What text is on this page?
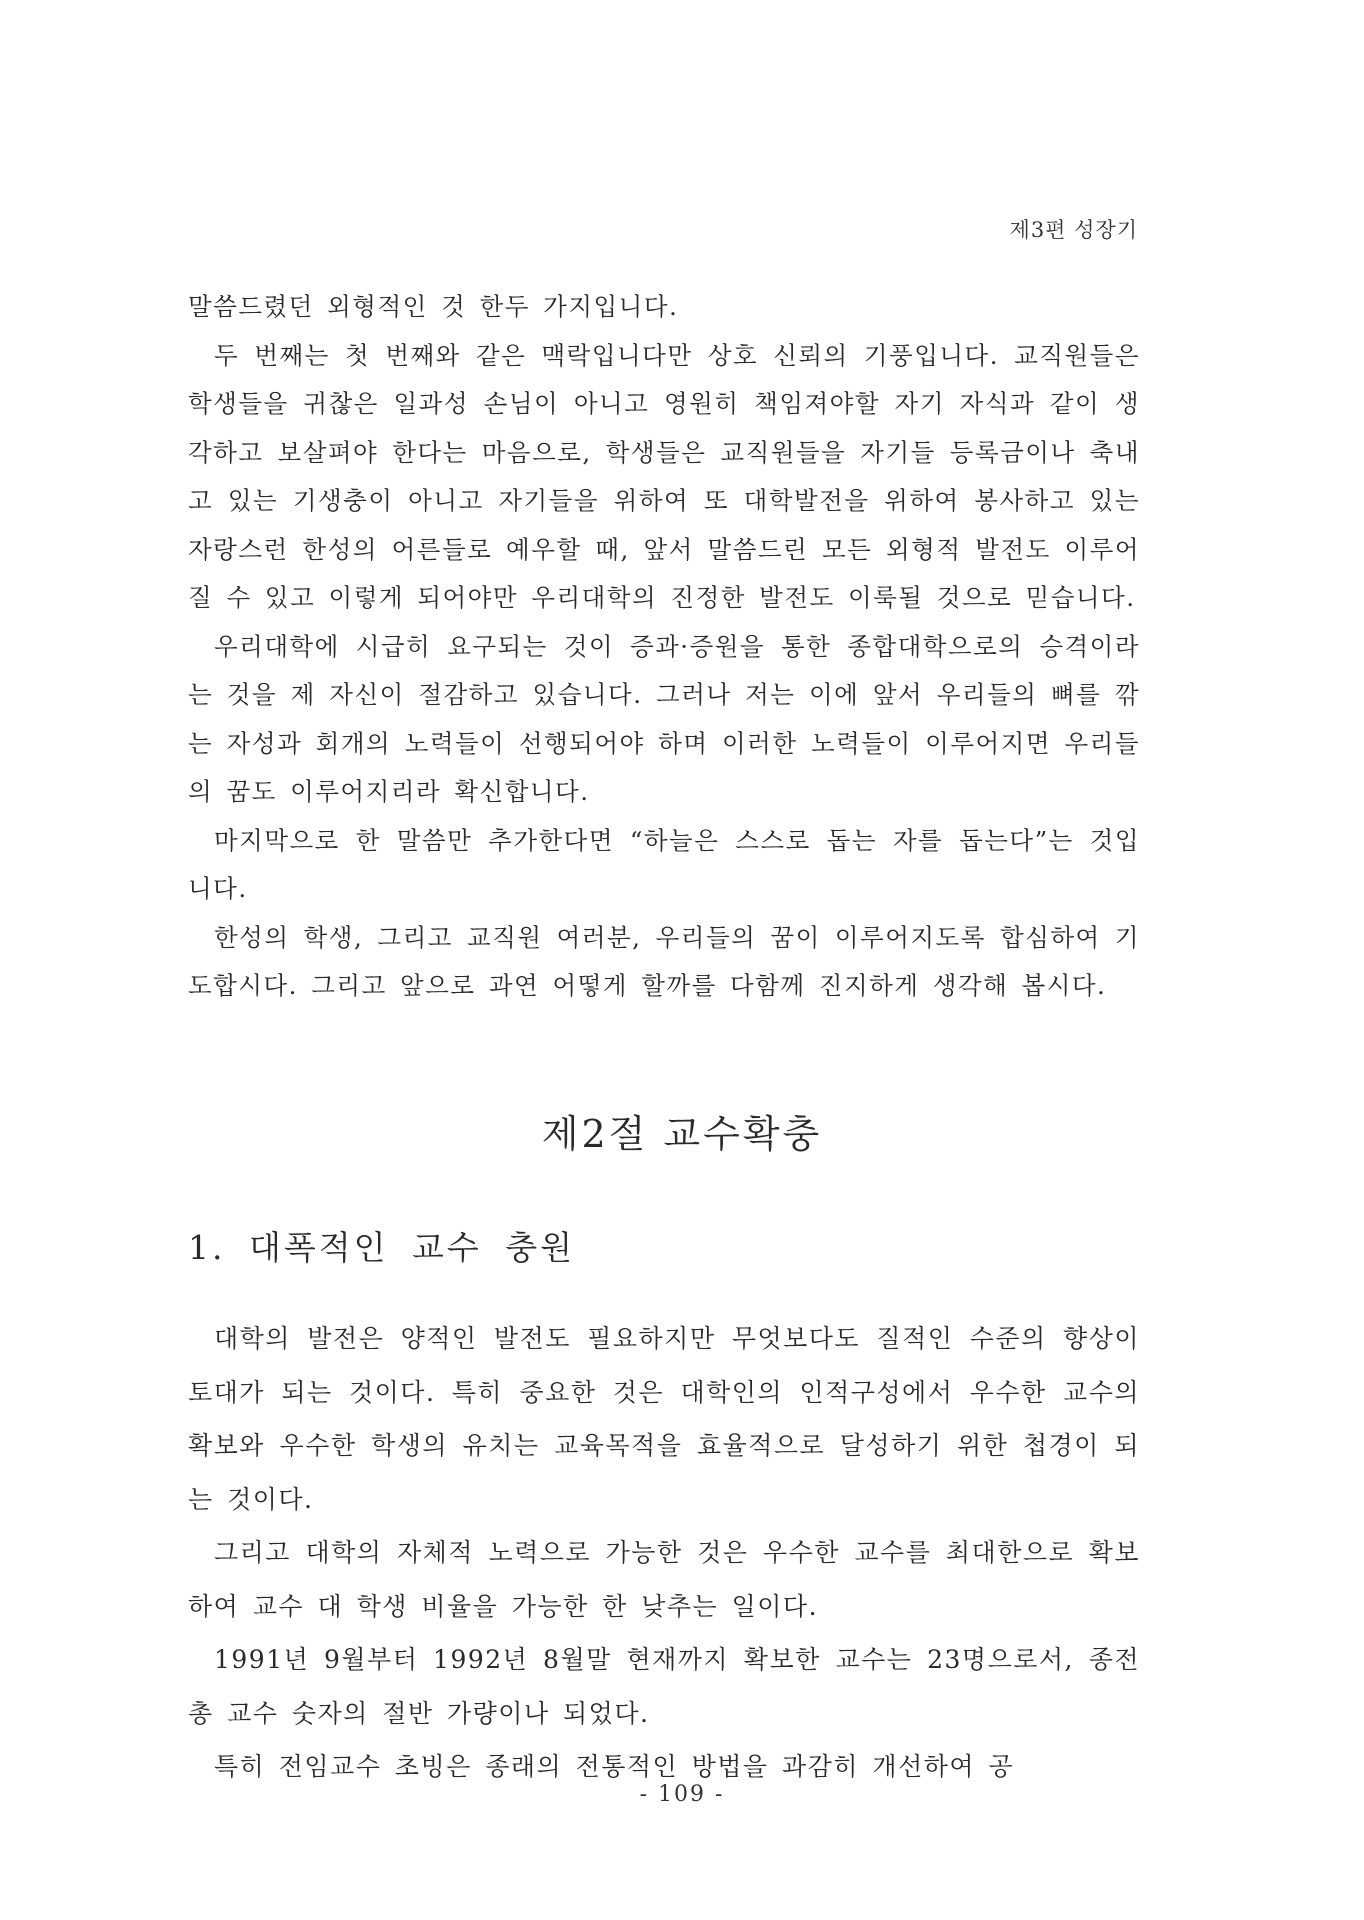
제3편 성장기

말씀드렸던 외형적인 것 한두 가지입니다.

두 번째는 첫 번째와 같은 맥락입니다만 상호 신뢰의 기풍입니다. 교직원들은 학생들을 귀찮은 일과성 손님이 아니고 영원히 책임져야할 자기 자식과 같이 생각하고 보살펴야 한다는 마음으로, 학생들은 교직원들을 자기들 등록금이나 축내고 있는 기생충이 아니고 자기들을 위하여 또 대학발전을 위하여 봉사하고 있는 자랑스런 한성의 어른들로 예우할 때, 앞서 말씀드린 모든 외형적 발전도 이루어질 수 있고 이렇게 되어야만 우리대학의 진정한 발전도 이룩될 것으로 믿습니다.

우리대학에 시급히 요구되는 것이 증과·증원을 통한 종합대학으로의 승격이라는 것을 제 자신이 절감하고 있습니다. 그러나 저는 이에 앞서 우리들의 뼈를 깎는 자성과 회개의 노력들이 선행되어야 하며 이러한 노력들이 이루어지면 우리들의 꿈도 이루어지리라 확신합니다.

마지막으로 한 말씀만 추가한다면 “하늘은 스스로 돕는 자를 돕는다”는 것입니다.

한성의 학생, 그리고 교직원 여러분, 우리들의 꿈이 이루어지도록 합심하여 기도합시다. 그리고 앞으로 과연 어떻게 할까를 다함께 진지하게 생각해 봅시다.

제2절 교수확충
1. 대폭적인 교수 충원

대학의 발전은 양적인 발전도 필요하지만 무엇보다도 질적인 수준의 향상이 토대가 되는 것이다. 특히 중요한 것은 대학인의 인적구성에서 우수한 교수의 확보와 우수한 학생의 유치는 교육목적을 효율적으로 달성하기 위한 첩경이 되는 것이다.

그리고 대학의 자체적 노력으로 가능한 것은 우수한 교수를 최대한으로 확보하여 교수 대 학생 비율을 가능한 한 낮추는 일이다.

1991년 9월부터 1992년 8월말 현재까지 확보한 교수는 23명으로서, 종전 총 교수 숫자의 절반 가량이나 되었다.

특히 전임교수 초빙은 종래의 전통적인 방법을 과감히 개선하여 공

- 109 -
